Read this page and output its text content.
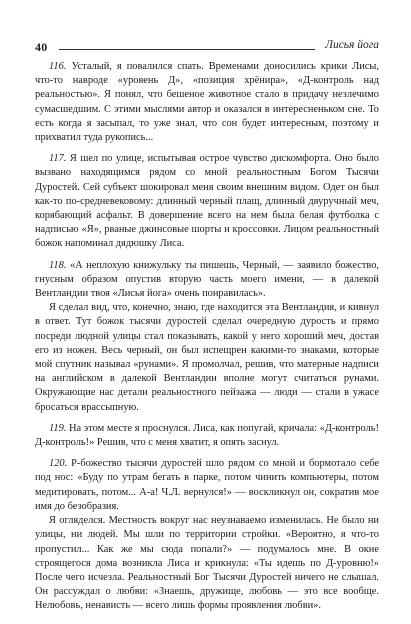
40	Лисья йога

116. Усталый, я повалился спать. Временами доносились крики Лисы, что-то навроде «уровень Д», «позиция хрёнира», «Д-контроль над реальностью». Я понял, что бешеное животное стало в придачу незлечимо сумасшедшим. С этими мыслями автор и оказался в интересненьком сне. То есть когда я засыпал, то уже знал, что сон будет интересным, поэтому и прихватил туда рукопись...

117. Я шел по улице, испытывая острое чувство дискомфорта. Оно было вызвано находящимся рядом со мной реальностным Богом Тысячи Дуростей. Сей субъект шокировал меня своим внешним видом. Одет он был как-то по-средневековому: длинный черный плащ, длинный двуручный меч, корябающий асфальт. В довершение всего на нем была белая футболка с надписью «Я», рваные джинсовые шорты и кроссовки. Лицом реальностный божок напоминал дядюшку Лиса.

118. «А неплохую книжульку ты пишешь, Черный, — заявило божество, гнусным образом опустив вторую часть моего имени, — в далекой Вентландии твоя «Лисья йога» очень понравилась».

Я сделал вид, что, конечно, знаю, где находится эта Вентландия, и кивнул в ответ. Тут божок тысячи дуростей сделал очередную дурость и прямо посреди людной улицы стал показывать, какой у него хороший меч, достав его из ножен. Весь черный, он был испещрен какими-то знаками, которые мой спутник называл «рунами». Я промолчал, решив, что матерные надписи на английском в далекой Вентландии вполне могут считаться рунами. Окружающие нас детали реальностного пейзажа — люди — стали в ужасе бросаться врассыпную.

119. На этом месте я проснулся. Лиса, как попугай, кричала: «Д-контроль! Д-контроль!» Решив, что с меня хватит, я опять заснул.

120. Р-божество тысячи дуростей шло рядом со мной и бормотало себе под нос: «Буду по утрам бегать в парке, потом чинить компьютеры, потом медитировать, потом... А-а! Ч.Л. вернулся!» — воскликнул он, сократив мое имя до безобразия.

Я огляделся. Местность вокруг нас неузнаваемо изменилась. Не было ни улицы, ни людей. Мы шли по территории стройки. «Вероятно, я что-то пропустил... Как же мы сюда попали?» — подумалось мне. В окне строящегося дома возникла Лиса и крикнула: «Ты идешь по Д-уровню!» После чего исчезла. Реальностный Бог Тысячи Дуростей ничего не слышал. Он рассуждал о любви: «Знаешь, дружище, любовь — это все вообще. Нелюбовь, ненависть — всего лишь формы проявления любви».
